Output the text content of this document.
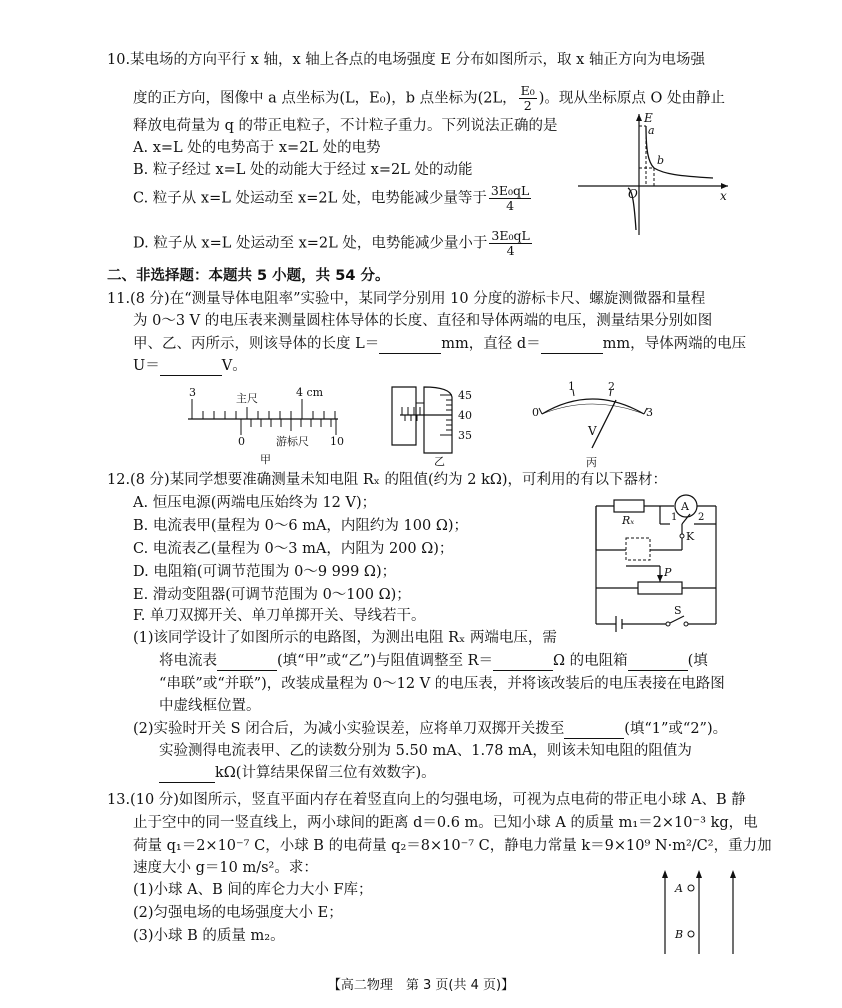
10.某电场的方向平行 x 轴，x 轴上各点的电场强度 E 分布如图所示，取 x 轴正方向为电场强
度的正方向，图像中 a 点坐标为(L，E₀)，b 点坐标为(2L， $\frac{\text{E₀}}{2}$ )。现从坐标原点 O 处由静止
释放电荷量为 q 的带正电粒子，不计粒子重力。下列说法正确的是
A. x=L 处的电势高于 x=2L 处的电势
B. 粒子经过 x=L 处的动能大于经过 x=2L 处的动能
C. 粒子从 x=L 处运动至 x=2L 处，电势能减少量等于 $\frac{\text{3E₀qL}}{4}$
D. 粒子从 x=L 处运动至 x=2L 处，电势能减少量小于 $\frac{\text{3E₀qL}}{4}$
E
x
O
a
b
二、非选择题：本题共 5 小题，共 54 分。
11.(8 分)在“测量导体电阻率”实验中，某同学分别用 10 分度的游标卡尺、螺旋测微器和量程
为 0～3 V 的电压表来测量圆柱体导体的长度、直径和导体两端的电压，测量结果分别如图
甲、乙、丙所示，则该导体的长度 L＝	mm，直径 d＝	mm，导体两端的电压
U＝	V。
3	主尺	4 cm
0	游标尺 10
甲
45
40
35
乙
0
1	2
3
V
丙
12.(8 分)某同学想要准确测量未知电阻 Rₓ 的阻值(约为 2 kΩ)，可利用的有以下器材：
A. 恒压电源(两端电压始终为 12 V)；
B. 电流表甲(量程为 0～6 mA，内阻约为 100 Ω)；
C. 电流表乙(量程为 0～3 mA，内阻为 200 Ω)；
D. 电阻箱(可调节范围为 0～9 999 Ω)；
E. 滑动变阻器(可调节范围为 0～100 Ω)；
F. 单刀双掷开关、单刀单掷开关、导线若干。
(1)该同学设计了如图所示的电路图，为测出电阻 Rₓ 两端电压，需
将电流表	(填“甲”或“乙”)与阻值调整至 R＝	Ω 的电阻箱	(填
“串联”或“并联”)，改装成量程为 0～12 V 的电压表，并将该改装后的电压表接在电路图
中虚线框位置。
(2)实验时开关 S 闭合后，为减小实验误差，应将单刀双掷开关拨至	(填“1”或“2”)。
实验测得电流表甲、乙的读数分别为 5.50 mA、1.78 mA，则该未知电阻的阻值为
kΩ(计算结果保留三位有效数字)。
Rₓ
A
1 2
K
P
S
13.(10 分)如图所示，竖直平面内存在着竖直向上的匀强电场，可视为点电荷的带正电小球 A、B 静
止于空中的同一竖直线上，两小球间的距离 d＝0.6 m。已知小球 A 的质量 m₁＝2×10⁻³ kg，电
荷量 q₁＝2×10⁻⁷ C，小球 B 的电荷量 q₂＝8×10⁻⁷ C，静电力常量 k＝9×10⁹ N·m²/C²，重力加
速度大小 g＝10 m/s²。求：
(1)小球 A、B 间的库仑力大小 F库；
(2)匀强电场的电场强度大小 E；
(3)小球 B 的质量 m₂。
A
B
【高二物理　第 3 页(共 4 页)】
